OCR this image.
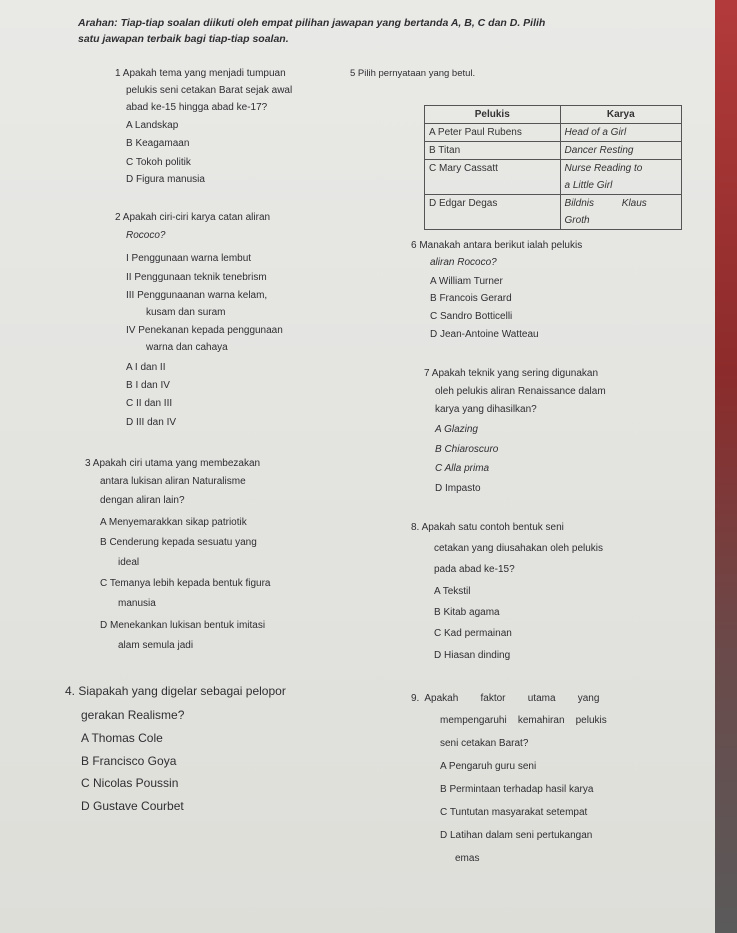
Arahan: Tiap-tiap soalan diikuti oleh empat pilihan jawapan yang bertanda A, B, C dan D. Pilih
satu jawapan terbaik bagi tiap-tiap soalan.
1 Apakah tema yang menjadi tumpuan
pelukis seni cetakan Barat sejak awal
abad ke-15 hingga abad ke-17?
A Landskap
B Keagamaan
C Tokoh politik
D Figura manusia
2 Apakah ciri-ciri karya catan aliran
Rococo?
I Penggunaan warna lembut
II Penggunaan teknik tenebrism
III Penggunaanan warna kelam,
kusam dan suram
IV Penekanan kepada penggunaan
warna dan cahaya
A I dan II
B I dan IV
C II dan III
D III dan IV
3 Apakah ciri utama yang membezakan
antara lukisan aliran Naturalisme
dengan aliran lain?
A Menyemarakkan sikap patriotik
B Cenderung kepada sesuatu yang
ideal
C Temanya lebih kepada bentuk figura
manusia
D Menekankan lukisan bentuk imitasi
alam semula jadi
4. Siapakah yang digelar sebagai pelopor
gerakan Realisme?
A Thomas Cole
B Francisco Goya
C Nicolas Poussin
D Gustave Courbet
5 Pilih pernyataan yang betul.
Pelukis	Karya
A Peter Paul Rubens	Head of a Girl
B Titan	Dancer Resting
C Mary Cassatt	Nurse Reading to
	a Little Girl
D Edgar Degas	Bildnis          Klaus
	Groth
6 Manakah antara berikut ialah pelukis
aliran Rococo?
A William Turner
B Francois Gerard
C Sandro Botticelli
D Jean-Antoine Watteau
7 Apakah teknik yang sering digunakan
oleh pelukis aliran Renaissance dalam
karya yang dihasilkan?
A Glazing
B Chiaroscuro
C Alla prima
D Impasto
8. Apakah satu contoh bentuk seni
cetakan yang diusahakan oleh pelukis
pada abad ke-15?
A Tekstil
B Kitab agama
C Kad permainan
D Hiasan dinding
9.  Apakah        faktor        utama        yang
mempengaruhi    kemahiran    pelukis
seni cetakan Barat?
A Pengaruh guru seni
B Permintaan terhadap hasil karya
C Tuntutan masyarakat setempat
D Latihan dalam seni pertukangan
emas
